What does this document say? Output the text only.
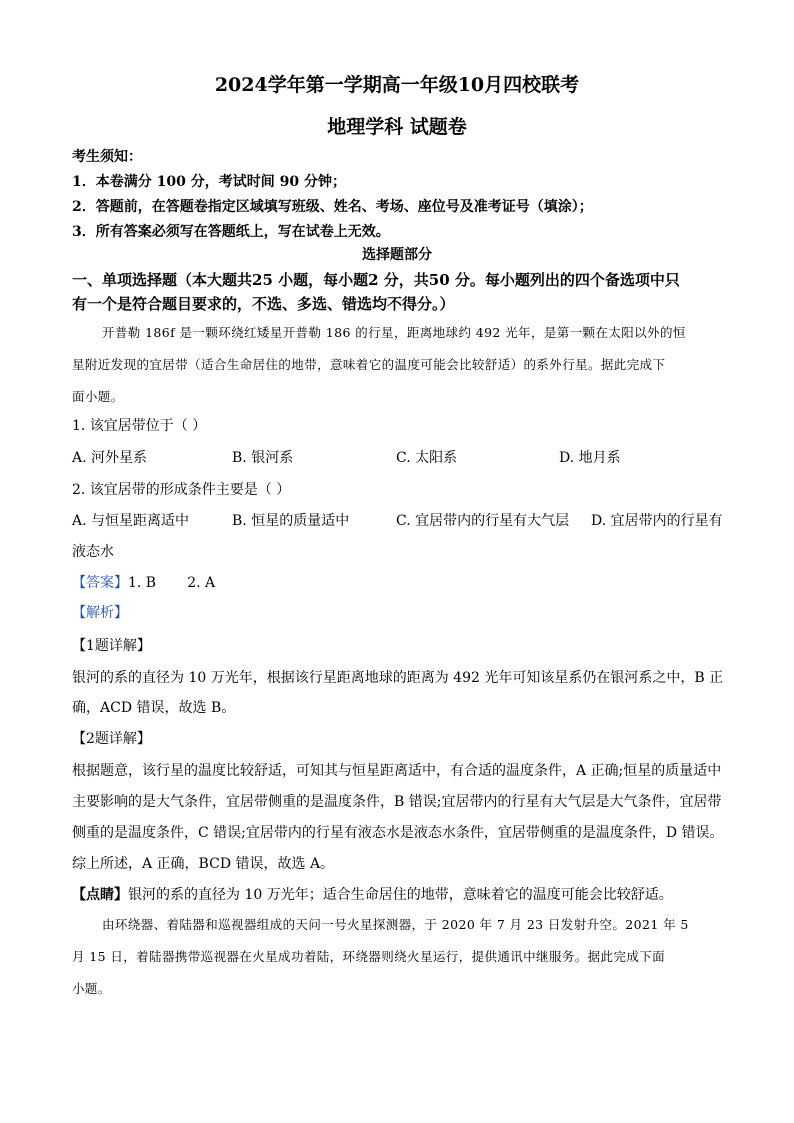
2024学年第一学期高一年级10月四校联考
地理学科 试题卷
考生须知：
1．本卷满分 100 分，考试时间 90 分钟；
2．答题前，在答题卷指定区域填写班级、姓名、考场、座位号及准考证号（填涂）；
3．所有答案必须写在答题纸上，写在试卷上无效。
选择题部分
一、单项选择题（本大题共25 小题，每小题2 分，共50 分。每小题列出的四个备选项中只
有一个是符合题目要求的，不选、多选、错选均不得分。）
开普勒 186f 是一颗环绕红矮星开普勒 186 的行星，距离地球约 492 光年，是第一颗在太阳以外的恒
星附近发现的宜居带（适合生命居住的地带，意味着它的温度可能会比较舒适）的系外行星。据此完成下
面小题。
1. 该宜居带位于（ ）
A. 河外星系	B. 银河系	C. 太阳系	D. 地月系
2. 该宜居带的形成条件主要是（ ）
A. 与恒星距离适中	B. 恒星的质量适中	C. 宜居带内的行星有大气层 D. 宜居带内的行星有
液态水
【答案】1. B       2. A
【解析】
【1题详解】
银河的系的直径为 10 万光年，根据该行星距离地球的距离为 492 光年可知该星系仍在银河系之中，B 正
确，ACD 错误，故选 B。
【2题详解】
根据题意，该行星的温度比较舒适，可知其与恒星距离适中，有合适的温度条件，A 正确;恒星的质量适中
主要影响的是大气条件，宜居带侧重的是温度条件，B 错误;宜居带内的行星有大气层是大气条件，宜居带
侧重的是温度条件，C 错误;宜居带内的行星有液态水是液态水条件，宜居带侧重的是温度条件，D 错误。
综上所述，A 正确，BCD 错误，故选 A。
【点睛】银河的系的直径为 10 万光年；适合生命居住的地带，意味着它的温度可能会比较舒适。
由环绕器、着陆器和巡视器组成的天问一号火星探测器，于 2020 年 7 月 23 日发射升空。2021 年 5
月 15 日，着陆器携带巡视器在火星成功着陆，环绕器则绕火星运行，提供通讯中继服务。据此完成下面
小题。
